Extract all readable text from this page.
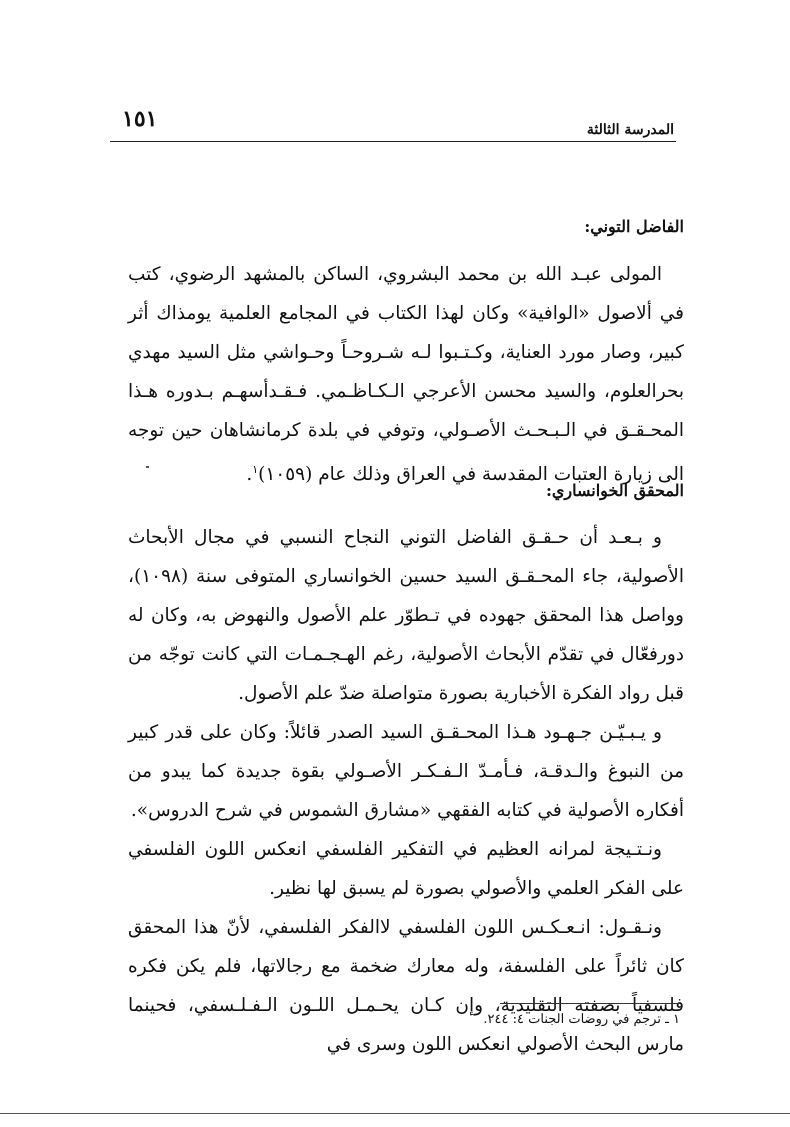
١٥١	المدرسة الثالثة
الفاضل التوني:

المولى عبـد الله بن محمد البشروي، الساكن بالمشهد الرضوي، كتب في ألاصول «الوافية» وكان لهذا الكتاب في المجامع العلمية يومذاك أثر كبير، وصار مورد العناية، وكـتـبوا لـه شـروحـاً وحـواشي مثل السيد مهدي بحرالعلوم، والسيد محسن الأعرجي الـكـاظـمي. فـقـدأسهـم بـدوره هـذا المحـقـق في الـبـحـث الأصـولي، وتوفي في بلدة كرمانشاهان حين توجه الى زيارة العتبات المقدسة في العراق وذلك عام (١٠٥٩)$^١$.

المحقق الخوانساري:

و بـعـد أن حـقـق الفاضل التوني النجاح النسبي في مجال الأبحاث الأصولية، جاء المحـقـق السيد حسين الخوانساري المتوفى سنة (١٠٩٨)، وواصل هذا المحقق جهوده في تـطوّر علم الأصول والنهوض به، وكان له دورفعّال في تقدّم الأبحاث الأصولية، رغم الهـجـمـات التي كانت توجّه من قبل رواد الفكرة الأخبارية بصورة متواصلة ضدّ علم الأصول.

و يـبـيّـن جـهـود هـذا المحـقـق السيد الصدر قائلاً: وكان على قدر كبير من النبوغ والـدقـة، فـأمـدّ الـفـكـر الأصـولي بقوة جديدة كما يبدو من أفكاره الأصولية في كتابه الفقهي «مشارق الشموس في شرح الدروس».

ونـتـيجة لمرانه العظيم في التفكير الفلسفي انعكس اللون الفلسفي على الفكر العلمي والأصولي بصورة لم يسبق لها نظير.

ونـقـول: انـعـكـس اللون الفلسفي لاالفكر الفلسفي، لأنّ هذا المحقق كان ثائراً على الفلسفة، وله معارك ضخمة مع رجالاتها، فلم يكن فكره فلسفياً بصفته التقليدية، وإن كـان يحـمـل اللـون الـفـلـسفي، فحينما مارس البحث الأصولي انعكس اللون وسرى في

١ ـ ترجم في روضات الجنات ٤: ٢٤٤.
